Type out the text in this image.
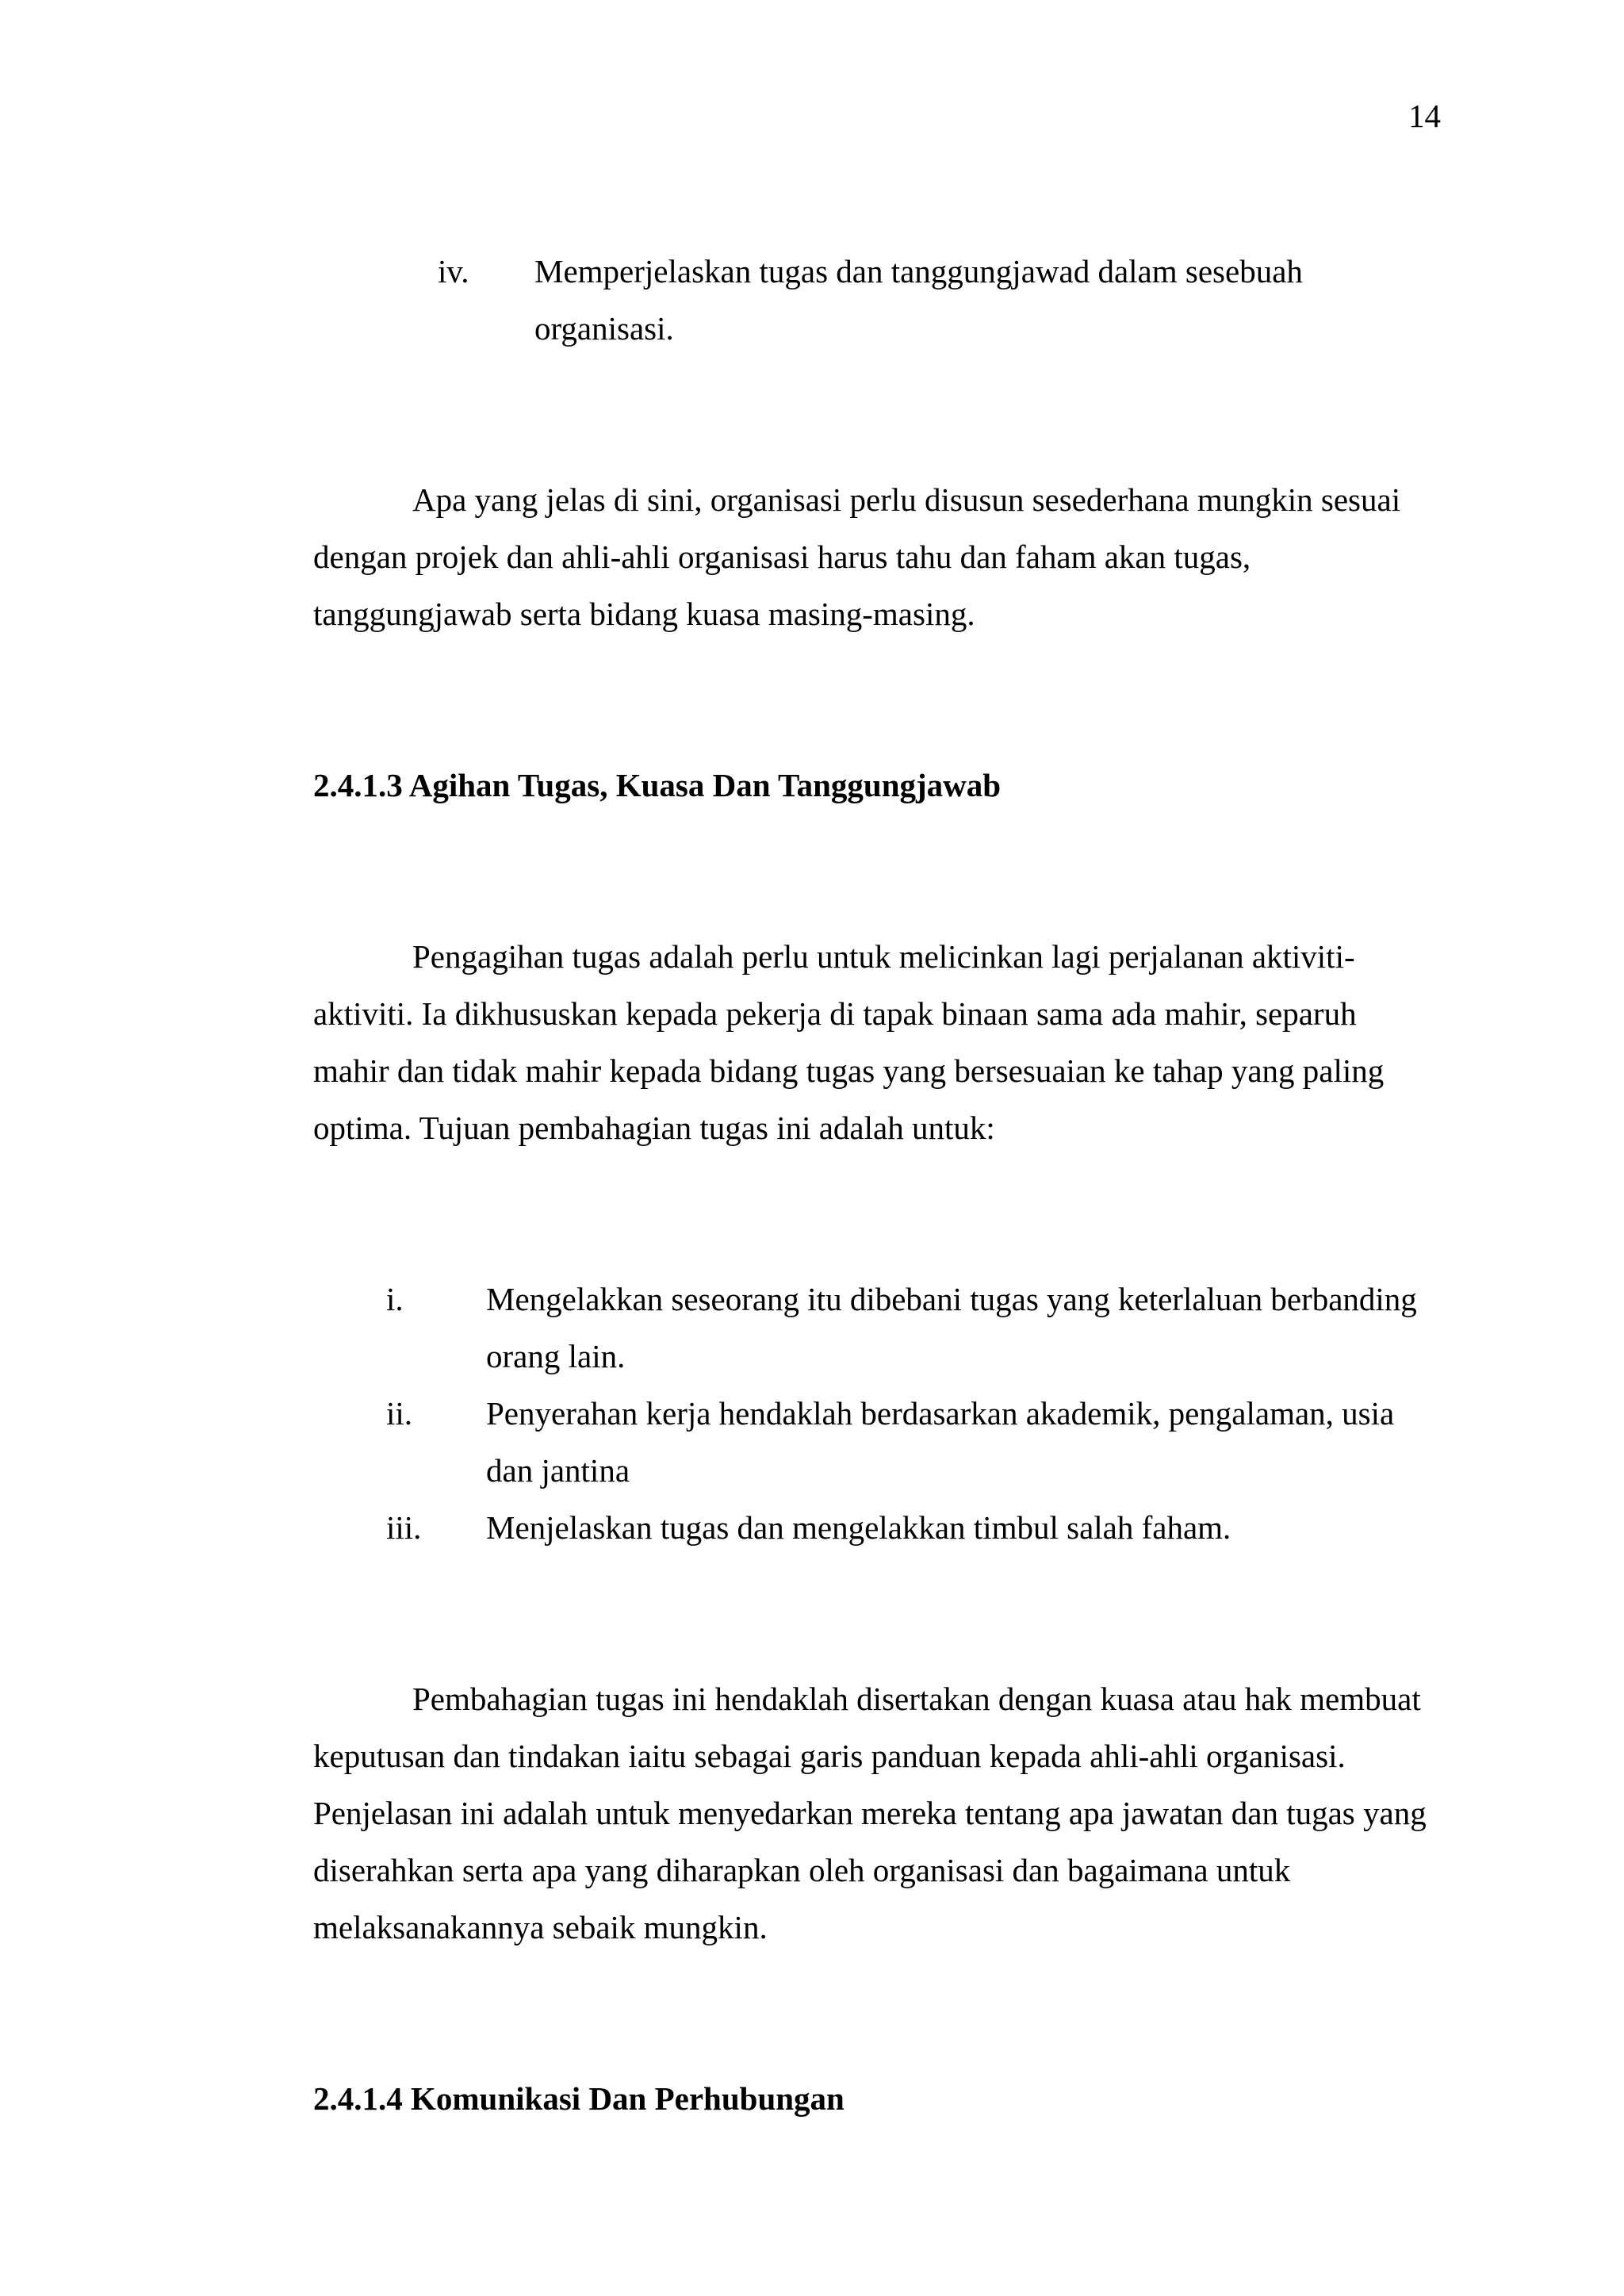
14
iv. Memperjelaskan tugas dan tanggungjawad dalam sesebuah
organisasi.
Apa yang jelas di sini, organisasi perlu disusun sesederhana mungkin sesuai
dengan projek dan ahli-ahli organisasi harus tahu dan faham akan tugas,
tanggungjawab serta bidang kuasa masing-masing.
2.4.1.3 Agihan Tugas, Kuasa Dan Tanggungjawab
Pengagihan tugas adalah perlu untuk melicinkan lagi perjalanan aktiviti-
aktiviti. Ia dikhususkan kepada pekerja di tapak binaan sama ada mahir, separuh
mahir dan tidak mahir kepada bidang tugas yang bersesuaian ke tahap yang paling
optima. Tujuan pembahagian tugas ini adalah untuk:
i.	Mengelakkan seseorang itu dibebani tugas yang keterlaluan berbanding
orang lain.
ii. Penyerahan kerja hendaklah berdasarkan akademik, pengalaman, usia
dan jantina
iii. Menjelaskan tugas dan mengelakkan timbul salah faham.
Pembahagian tugas ini hendaklah disertakan dengan kuasa atau hak membuat
keputusan dan tindakan iaitu sebagai garis panduan kepada ahli-ahli organisasi.
Penjelasan ini adalah untuk menyedarkan mereka tentang apa jawatan dan tugas yang
diserahkan serta apa yang diharapkan oleh organisasi dan bagaimana untuk
melaksanakannya sebaik mungkin.
2.4.1.4 Komunikasi Dan Perhubungan
